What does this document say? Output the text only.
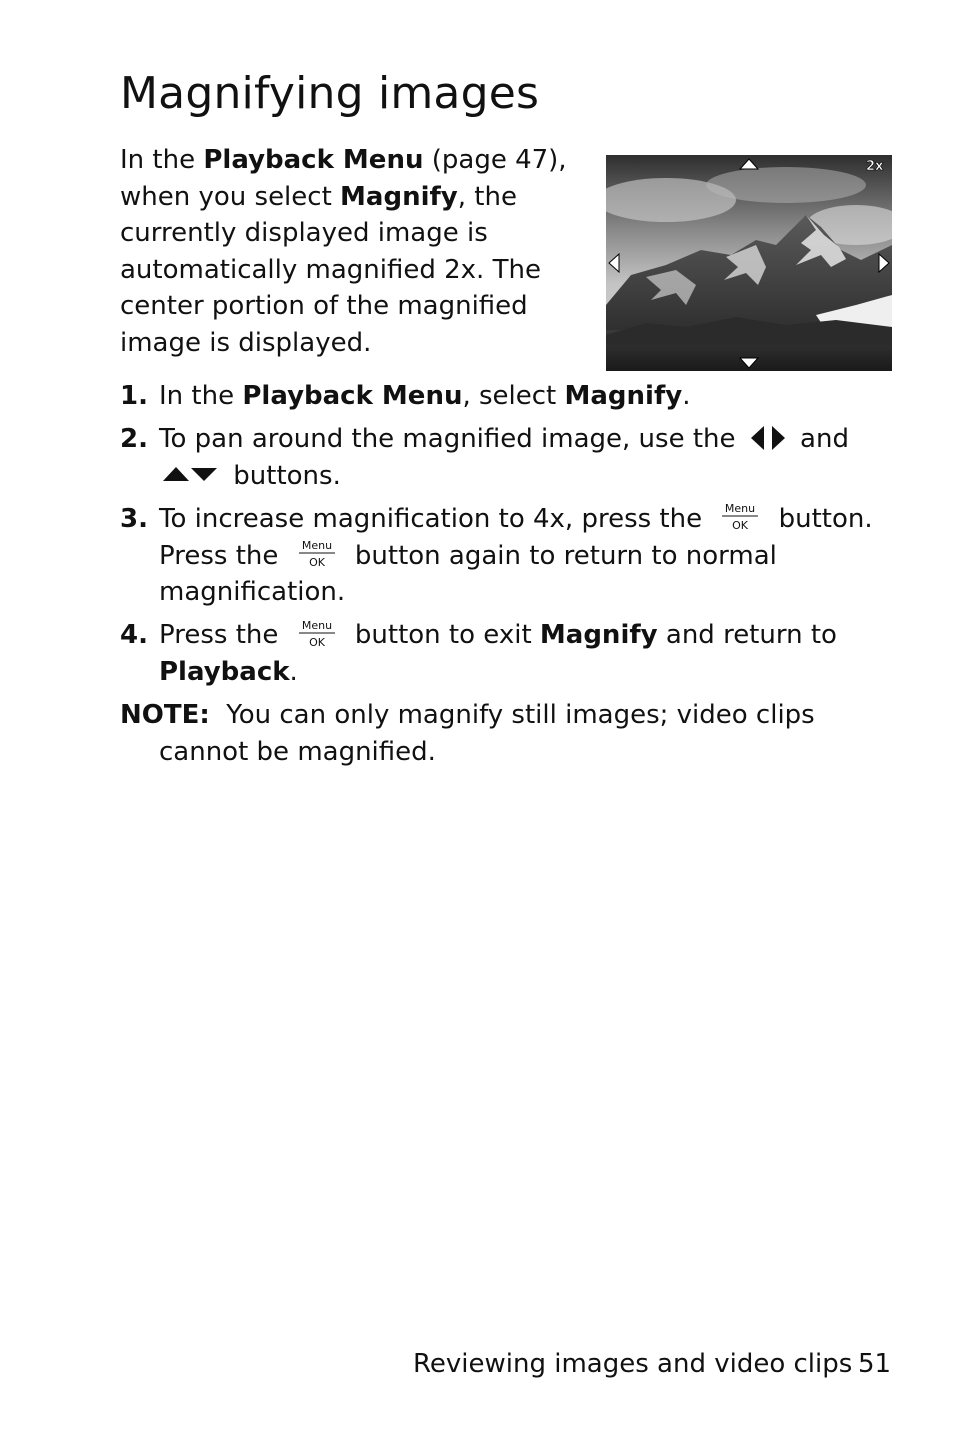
Magnifying images

In the Playback Menu (page 47), when you select Magnify, the currently displayed image is automatically magnified 2x. The center portion of the magnified image is displayed.

2x
1. In the Playback Menu, select Magnify.
2. To pan around the magnified image, use the  and  buttons.
3. To increase magnification to 4x, press the Menu
OK button. Press the Menu
OK button again to return to normal magnification.
4. Press the Menu
OK button to exit Magnify and return to Playback.
NOTE:  You can only magnify still images; video clips cannot be magnified.
Reviewing images and video clips 51
